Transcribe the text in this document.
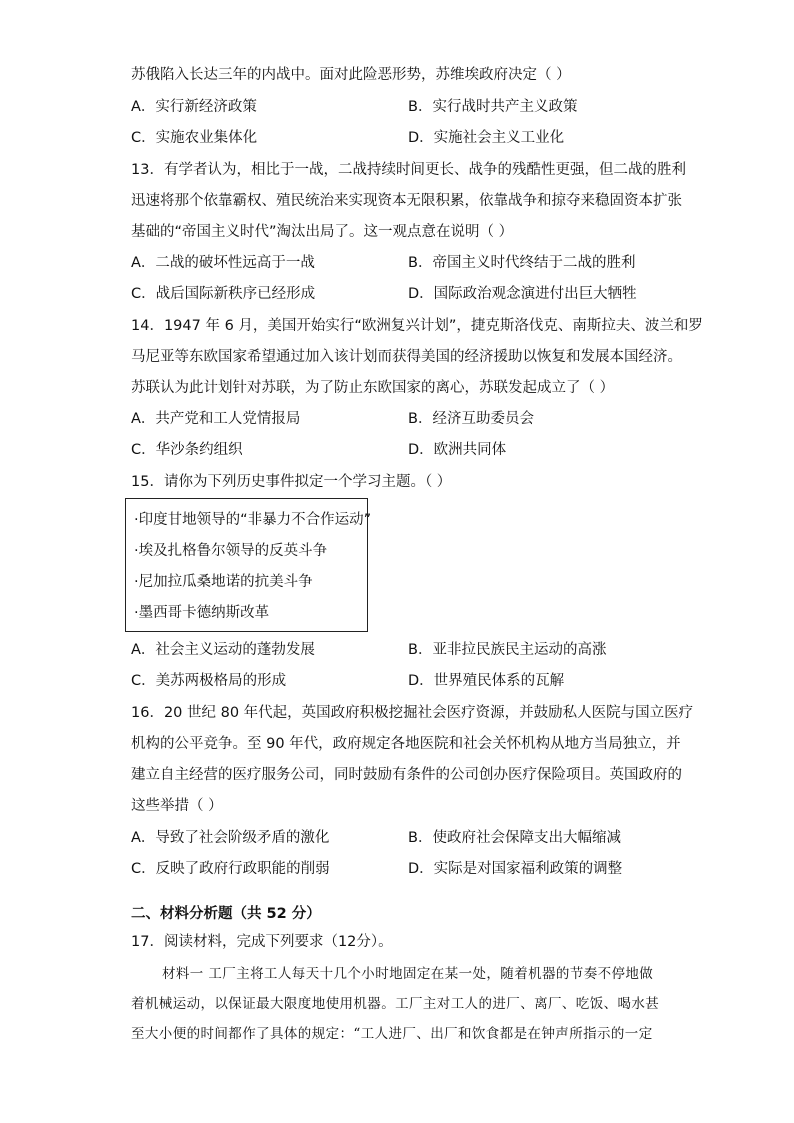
苏俄陷入长达三年的内战中。面对此险恶形势，苏维埃政府决定（ ）
A．实行新经济政策	B．实行战时共产主义政策
C．实施农业集体化	D．实施社会主义工业化
13．有学者认为，相比于一战，二战持续时间更长、战争的残酷性更强，但二战的胜利
迅速将那个依靠霸权、殖民统治来实现资本无限积累，依靠战争和掠夺来稳固资本扩张
基础的“帝国主义时代”淘汰出局了。这一观点意在说明（ ）
A．二战的破坏性远高于一战	B．帝国主义时代终结于二战的胜利
C．战后国际新秩序已经形成	D．国际政治观念演进付出巨大牺牲
14．1947 年 6 月，美国开始实行“欧洲复兴计划”，捷克斯洛伐克、南斯拉夫、波兰和罗
马尼亚等东欧国家希望通过加入该计划而获得美国的经济援助以恢复和发展本国经济。
苏联认为此计划针对苏联，为了防止东欧国家的离心，苏联发起成立了（ ）
A．共产党和工人党情报局	B．经济互助委员会
C．华沙条约组织	D．欧洲共同体
15．请你为下列历史事件拟定一个学习主题。（ ）
·印度甘地领导的“非暴力不合作运动”
·埃及扎格鲁尔领导的反英斗争
·尼加拉瓜桑地诺的抗美斗争
·墨西哥卡德纳斯改革
A．社会主义运动的蓬勃发展	B．亚非拉民族民主运动的高涨
C．美苏两极格局的形成	D．世界殖民体系的瓦解
16．20 世纪 80 年代起，英国政府积极挖掘社会医疗资源，并鼓励私人医院与国立医疗
机构的公平竞争。至 90 年代，政府规定各地医院和社会关怀机构从地方当局独立，并
建立自主经营的医疗服务公司，同时鼓励有条件的公司创办医疗保险项目。英国政府的
这些举措（ ）
A．导致了社会阶级矛盾的激化	B．使政府社会保障支出大幅缩减
C．反映了政府行政职能的削弱	D．实际是对国家福利政策的调整
二、材料分析题（共 52 分）
17．阅读材料，完成下列要求（12分）。
材料一 工厂主将工人每天十几个小时地固定在某一处，随着机器的节奏不停地做
着机械运动，以保证最大限度地使用机器。工厂主对工人的进厂、离厂、吃饭、喝水甚
至大小便的时间都作了具体的规定：“工人进厂、出厂和饮食都是在钟声所指示的一定
